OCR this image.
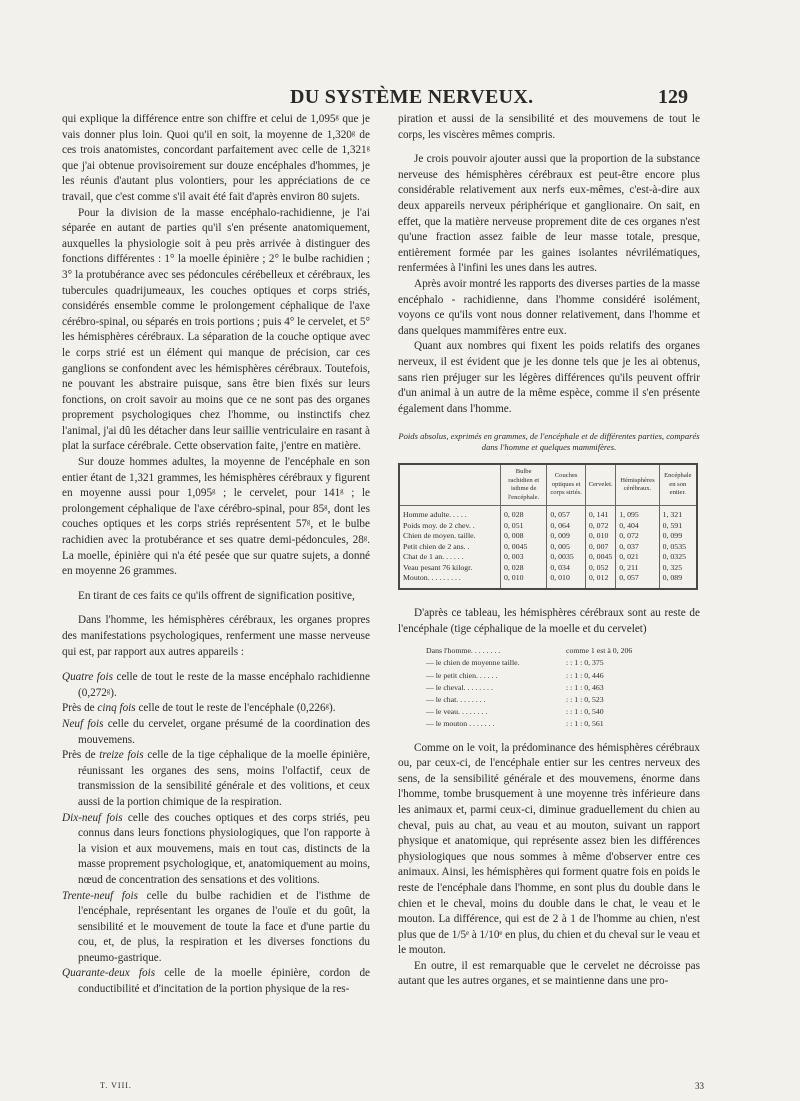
DU SYSTÈME NERVEUX.	129

qui explique la différence entre son chiffre et celui de 1,095ᵍ que je vais donner plus loin. Quoi qu'il en soit, la moyenne de 1,320ᵍ de ces trois anatomistes, concordant parfaitement avec celle de 1,321ᵍ que j'ai obtenue provisoirement sur douze encéphales d'hommes, je les réunis d'autant plus volontiers, pour les appréciations de ce travail, que c'est comme s'il avait été fait d'après environ 80 sujets.

Pour la division de la masse encéphalo-rachidienne, je l'ai séparée en autant de parties qu'il s'en présente anatomiquement, auxquelles la physiologie soit à peu près arrivée à distinguer des fonctions différentes : 1° la moelle épinière ; 2° le bulbe rachidien ; 3° la protubérance avec ses pédoncules cérébelleux et cérébraux, les tubercules quadrijumeaux, les couches optiques et corps striés, considérés ensemble comme le prolongement céphalique de l'axe cérébro-spinal, ou séparés en trois portions ; puis 4° le cervelet, et 5° les hémisphères cérébraux. La séparation de la couche optique avec le corps strié est un élément qui manque de précision, car ces ganglions se confondent avec les hémisphères cérébraux. Toutefois, ne pouvant les abstraire puisque, sans être bien fixés sur leurs fonctions, on croit savoir au moins que ce ne sont pas des organes proprement psychologiques chez l'homme, ou instinctifs chez l'animal, j'ai dû les détacher dans leur saillie ventriculaire en rasant à plat la surface cérébrale. Cette observation faite, j'entre en matière.

Sur douze hommes adultes, la moyenne de l'encéphale en son entier étant de 1,321 grammes, les hémisphères cérébraux y figurent en moyenne aussi pour 1,095ᵍ ; le cervelet, pour 141ᵍ ; le prolongement céphalique de l'axe cérébro-spinal, pour 85ᵍ, dont les couches optiques et les corps striés représentent 57ᵍ, et le bulbe rachidien avec la protubérance et ses quatre demi-pédoncules, 28ᵍ. La moelle, épinière qui n'a été pesée que sur quatre sujets, a donné en moyenne 26 grammes.

En tirant de ces faits ce qu'ils offrent de signification positive,

Dans l'homme, les hémisphères cérébraux, les organes propres des manifestations psychologiques, renferment une masse nerveuse qui est, par rapport aux autres appareils :

Quatre fois celle de tout le reste de la masse encéphalo rachidienne (0,272ᵍ).

Près de cinq fois celle de tout le reste de l'encéphale (0,226ᵍ).

Neuf fois celle du cervelet, organe présumé de la coordination des mouvemens.

Près de treize fois celle de la tige céphalique de la moelle épinière, réunissant les organes des sens, moins l'olfactif, ceux de transmission de la sensibilité générale et des volitions, et ceux aussi de la portion chimique de la respiration.

Dix-neuf fois celle des couches optiques et des corps striés, peu connus dans leurs fonctions physiologiques, que l'on rapporte à la vision et aux mouvemens, mais en tout cas, distincts de la masse proprement psychologique, et, anatomiquement au moins, nœud de concentration des sensations et des volitions.

Trente-neuf fois celle du bulbe rachidien et de l'isthme de l'encéphale, représentant les organes de l'ouïe et du goût, la sensibilité et le mouvement de toute la face et d'une partie du cou, et, de plus, la respiration et les diverses fonctions du pneumo-gastrique.

Quarante-deux fois celle de la moelle épinière, cordon de conductibilité et d'incitation de la portion physique de la res-

piration et aussi de la sensibilité et des mouvemens de tout le corps, les viscères mêmes compris.

Je crois pouvoir ajouter aussi que la proportion de la substance nerveuse des hémisphères cérébraux est peut-être encore plus considérable relativement aux nerfs eux-mêmes, c'est-à-dire aux deux appareils nerveux périphérique et ganglionaire. On sait, en effet, que la matière nerveuse proprement dite de ces organes n'est qu'une fraction assez faible de leur masse totale, presque, entièrement formée par les gaines isolantes névrilématiques, renfermées à l'infini les unes dans les autres.

Après avoir montré les rapports des diverses parties de la masse encéphalo - rachidienne, dans l'homme considéré isolément, voyons ce qu'ils vont nous donner relativement, dans l'homme et dans quelques mammifères entre eux.

Quant aux nombres qui fixent les poids relatifs des organes nerveux, il est évident que je les donne tels que je les ai obtenus, sans rien préjuger sur les légères différences qu'ils peuvent offrir d'un animal à un autre de la même espèce, comme il s'en présente également dans l'homme.

Poids absolus, exprimés en grammes, de l'encéphale et de différentes parties, comparés dans l'homme et quelques mammifères.

	Bulbe rachidien et isthme de l'encéphale.	Couches optiques et corps striés.	Cervelet.	Hémisphères cérébraux.	Encéphale en son entier.
Homme adulte. . . . .	0, 028	0, 057	0, 141	1, 095	1, 321
Poids moy. de 2 chev. .	0, 051	0, 064	0, 072	0, 404	0, 591
Chien de moyen. taille.	0, 008	0, 009	0, 010	0, 072	0, 099
Petit chien de 2 ans. .	0, 0045	0, 005	0, 007	0, 037	0, 0535
Chat de 1 an. . . . . .	0, 003	0, 0035	0, 0045	0, 021	0, 0325
Veau pesant 76 kilogr.	0, 028	0, 034	0, 052	0, 211	0, 325
Mouton. . . . . . . . .	0, 010	0, 010	0, 012	0, 057	0, 089

D'après ce tableau, les hémisphères cérébraux sont au reste de l'encéphale (tige céphalique de la moelle et du cervelet)

Dans l'homme. . . . . . . .	comme 1 est à 0, 206
— le chien de moyenne taille.	: : 1 : 0, 375
— le petit chien. . . . . .	: : 1 : 0, 446
— le cheval. . . . . . . .	: : 1 : 0, 463
— le chat. . . . . . . .	: : 1 : 0, 523
— le veau. . . . . . . .	: : 1 : 0, 540
— le mouton . . . . . . .	: : 1 : 0, 561

Comme on le voit, la prédominance des hémisphères cérébraux ou, par ceux-ci, de l'encéphale entier sur les centres nerveux des sens, de la sensibilité générale et des mouvemens, énorme dans l'homme, tombe brusquement à une moyenne très inférieure dans les animaux et, parmi ceux-ci, diminue graduellement du chien au cheval, puis au chat, au veau et au mouton, suivant un rapport physique et anatomique, qui représente assez bien les différences physiologiques que nous sommes à même d'observer entre ces animaux. Ainsi, les hémisphères qui forment quatre fois en poids le reste de l'encéphale dans l'homme, en sont plus du double dans le chien et le cheval, moins du double dans le chat, le veau et le mouton. La différence, qui est de 2 à 1 de l'homme au chien, n'est plus que de 1/5ᵉ à 1/10ᵉ en plus, du chien et du cheval sur le veau et le mouton.

En outre, il est remarquable que le cervelet ne décroisse pas autant que les autres organes, et se maintienne dans une pro-

T. VIII.	33
